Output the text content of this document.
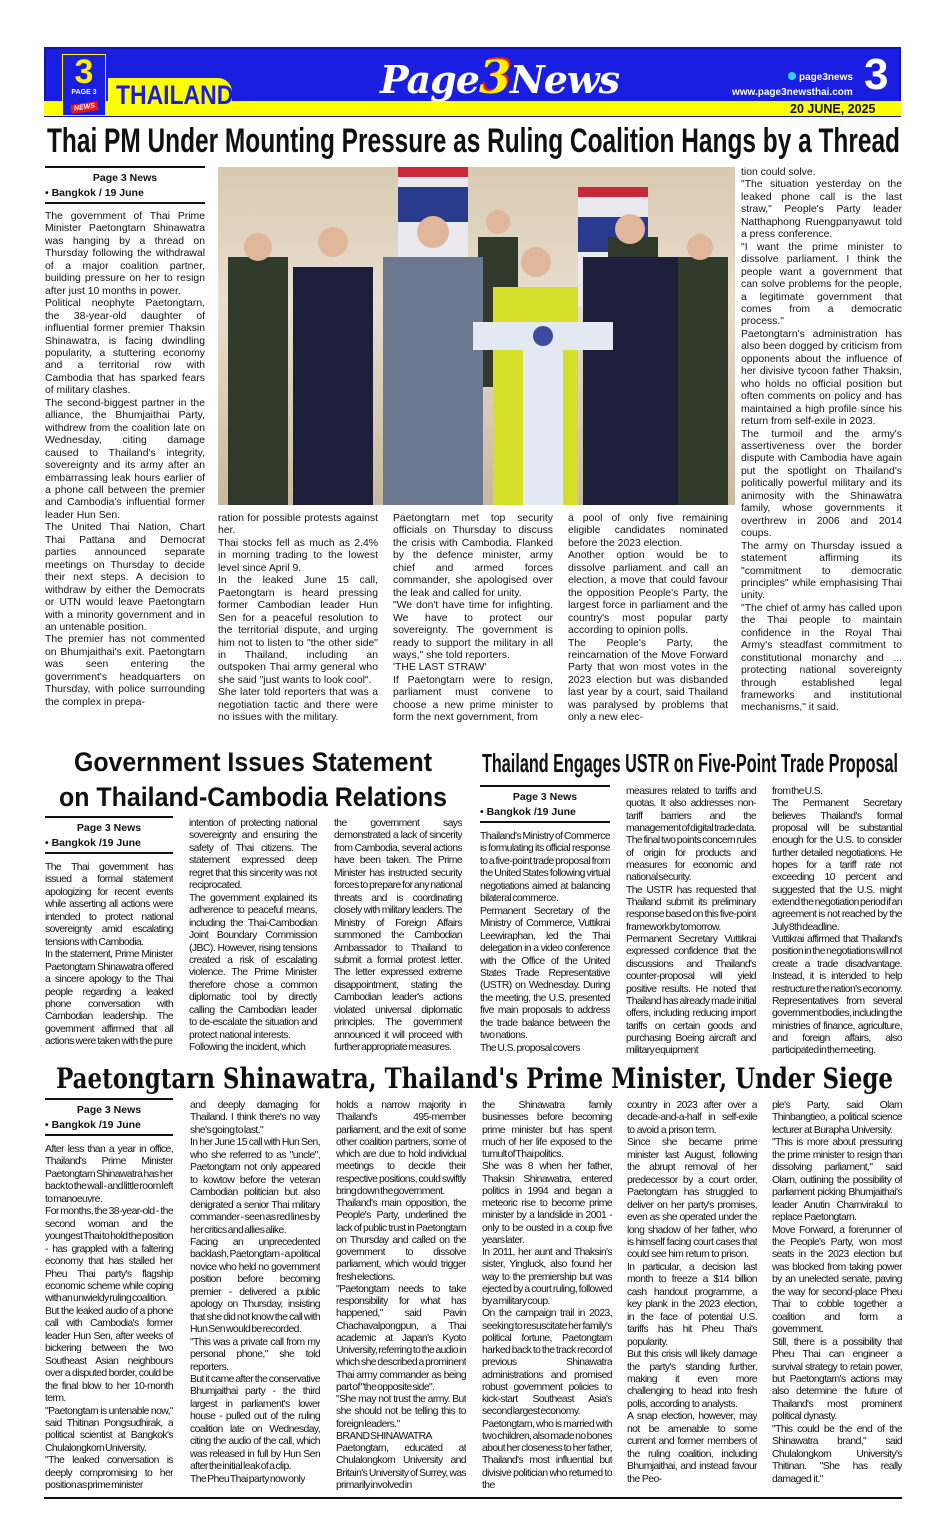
THAILAND
3
PAGE 3
NEWS
Page3News	page3news
www.page3newsthai.com 3
20 JUNE, 2025
Thai PM Under Mounting Pressure as Ruling Coalition Hangs by a Thread
Page 3 News
• Bangkok / 19 June
The government of Thai Prime Minister Paetongtarn Shinawatra was hanging by a thread on Thursday following the withdrawal of a major coalition partner, building pressure on her to resign after just 10 months in power.
Political neophyte Paetongtarn, the 38-year-old daughter of influential former premier Thaksin Shinawatra, is facing dwindling popularity, a stuttering economy and a territorial row with Cambodia that has sparked fears of military clashes.
The second-biggest partner in the alliance, the Bhumjaithai Party, withdrew from the coalition late on Wednesday, citing damage caused to Thailand's integrity, sovereignty and its army after an embarrassing leak hours earlier of a phone call between the premier and Cambodia's influential former leader Hun Sen.
The United Thai Nation, Chart Thai Pattana and Democrat parties announced separate meetings on Thursday to decide their next steps. A decision to withdraw by either the Democrats or UTN would leave Paetongtarn with a minority government and in an untenable position.
The premier has not commented on Bhumjaithai's exit. Paetongtarn was seen entering the government's headquarters on Thursday, with police surrounding the complex in prepa-
ration for possible protests against her.
Thai stocks fell as much as 2.4% in morning trading to the lowest level since April 9.
In the leaked June 15 call, Paetongtarn is heard pressing former Cambodian leader Hun Sen for a peaceful resolution to the territorial dispute, and urging him not to listen to "the other side" in Thailand, including an outspoken Thai army general who she said "just wants to look cool".
She later told reporters that was a negotiation tactic and there were no issues with the military.
Paetongtarn met top security officials on Thursday to discuss the crisis with Cambodia. Flanked by the defence minister, army chief and armed forces commander, she apologised over the leak and called for unity.
"We don't have time for infighting. We have to protect our sovereignty. The government is ready to support the military in all ways," she told reporters.
'THE LAST STRAW'
If Paetongtarn were to resign, parliament must convene to choose a new prime minister to form the next government, from
a pool of only five remaining eligible candidates nominated before the 2023 election.
Another option would be to dissolve parliament and call an election, a move that could favour the opposition People's Party, the largest force in parliament and the country's most popular party according to opinion polls.
The People's Party, the reincarnation of the Move Forward Party that won most votes in the 2023 election but was disbanded last year by a court, said Thailand was paralysed by problems that only a new elec-
tion could solve.
"The situation yesterday on the leaked phone call is the last straw," People's Party leader Natthaphong Ruengpanyawut told a press conference.
"I want the prime minister to dissolve parliament. I think the people want a government that can solve problems for the people, a legitimate government that comes from a democratic process."
Paetongtarn's administration has also been dogged by criticism from opponents about the influence of her divisive tycoon father Thaksin, who holds no official position but often comments on policy and has maintained a high profile since his return from self-exile in 2023.
The turmoil and the army's assertiveness over the border dispute with Cambodia have again put the spotlight on Thailand's politically powerful military and its animosity with the Shinawatra family, whose governments it overthrew in 2006 and 2014 coups.
The army on Thursday issued a statement affirming its "commitment to democratic principles" while emphasising Thai unity.
"The chief of army has called upon the Thai people to maintain confidence in the Royal Thai Army's steadfast commitment to constitutional monarchy and ... protecting national sovereignty through established legal frameworks and institutional mechanisms," it said.
Government Issues Statement
on Thailand-Cambodia Relations
Page 3 News
• Bangkok /19 June
The Thai government has issued a formal statement apologizing for recent events while asserting all actions were intended to protect national sovereignty amid escalating tensions with Cambodia.
In the statement, Prime Minister Paetongtarn Shinawatra offered a sincere apology to the Thai people regarding a leaked phone conversation with Cambodian leadership. The government affirmed that all actions were taken with the pure
intention of protecting national sovereignty and ensuring the safety of Thai citizens. The statement expressed deep regret that this sincerity was not reciprocated.
The government explained its adherence to peaceful means, including the Thai-Cambodian Joint Boundary Commission (JBC). However, rising tensions created a risk of escalating violence. The Prime Minister therefore chose a common diplomatic tool by directly calling the Cambodian leader to de-escalate the situation and protect national interests.
Following the incident, which
the government says demonstrated a lack of sincerity from Cambodia, several actions have been taken. The Prime Minister has instructed security forces to prepare for any national threats and is coordinating closely with military leaders. The Ministry of Foreign Affairs summoned the Cambodian Ambassador to Thailand to submit a formal protest letter. The letter expressed extreme disappointment, stating the Cambodian leader's actions violated universal diplomatic principles. The government announced it will proceed with further appropriate measures.
Thailand Engages USTR on Five-Point Trade Proposal
Page 3 News
• Bangkok /19 June
Thailand's Ministry of Commerce is formulating its official response to a five-point trade proposal from the United States following virtual negotiations aimed at balancing bilateral commerce.
Permanent Secretary of the Ministry of Commerce, Vuttikrai Leewiraphan, led the Thai delegation in a video conference with the Office of the United States Trade Representative (USTR) on Wednesday. During the meeting, the U.S. presented five main proposals to address the trade balance between the two nations.
The U.S. proposal covers
measures related to tariffs and quotas. It also addresses non-tariff barriers and the management of digital trade data. The final two points concern rules of origin for products and measures for economic and national security.
The USTR has requested that Thailand submit its preliminary response based on this five-point framework by tomorrow.
Permanent Secretary Vuttikrai expressed confidence that the discussions and Thailand's counter-proposal will yield positive results. He noted that Thailand has already made initial offers, including reducing import tariffs on certain goods and purchasing Boeing aircraft and military equipment
from the U.S.
The Permanent Secretary believes Thailand's formal proposal will be substantial enough for the U.S. to consider further detailed negotiations. He hopes for a tariff rate not exceeding 10 percent and suggested that the U.S. might extend the negotiation period if an agreement is not reached by the July 8th deadline.
Vuttikrai affirmed that Thailand's position in the negotiations will not create a trade disadvantage. Instead, it is intended to help restructure the nation's economy. Representatives from several government bodies, including the ministries of finance, agriculture, and foreign affairs, also participated in the meeting.
Paetongtarn Shinawatra, Thailand's Prime Minister, Under Siege
Page 3 News
• Bangkok /19 June
After less than a year in office, Thailand's Prime Minister Paetongtarn Shinawatra has her back to the wall - and little room left to manoeuvre.
For months, the 38-year-old - the second woman and the youngest Thai to hold the position - has grappled with a faltering economy that has stalled her Pheu Thai party's flagship economic scheme while coping with an unwieldy ruling coalition.
But the leaked audio of a phone call with Cambodia's former leader Hun Sen, after weeks of bickering between the two Southeast Asian neighbours over a disputed border, could be the final blow to her 10-month term.
"Paetongtarn is untenable now," said Thitinan Pongsudhirak, a political scientist at Bangkok's Chulalongkorn University.
"The leaked conversation is deeply compromising to her position as prime minister
and deeply damaging for Thailand. I think there's no way she's going to last."
In her June 15 call with Hun Sen, who she referred to as "uncle", Paetongtarn not only appeared to kowtow before the veteran Cambodian politician but also denigrated a senior Thai military commander - seen as red lines by her critics and allies alike.
Facing an unprecedented backlash, Paetongtarn - a political novice who held no government position before becoming premier - delivered a public apology on Thursday, insisting that she did not know the call with Hun Sen would be recorded.
"This was a private call from my personal phone," she told reporters.
But it came after the conservative Bhumjaithai party - the third largest in parliament's lower house - pulled out of the ruling coalition late on Wednesday, citing the audio of the call, which was released in full by Hun Sen after the initial leak of a clip.
The Pheu Thai party now only
holds a narrow majority in Thailand's 495-member parliament, and the exit of some other coalition partners, some of which are due to hold individual meetings to decide their respective positions, could swiftly bring down the government.
Thailand's main opposition, the People's Party, underlined the lack of public trust in Paetongtarn on Thursday and called on the government to dissolve parliament, which would trigger fresh elections.
"Paetongtarn needs to take responsibility for what has happened," said Pavin Chachavalpongpun, a Thai academic at Japan's Kyoto University, referring to the audio in which she described a prominent Thai army commander as being part of "the opposite side".
"She may not trust the army. But she should not be telling this to foreign leaders."
BRAND SHINAWATRA
Paetongtarn, educated at Chulalongkorn University and Britain's University of Surrey, was primarily involved in
the Shinawatra family businesses before becoming prime minister but has spent much of her life exposed to the tumult of Thai politics.
She was 8 when her father, Thaksin Shinawatra, entered politics in 1994 and began a meteoric rise to become prime minister by a landslide in 2001 - only to be ousted in a coup five years later.
In 2011, her aunt and Thaksin's sister, Yingluck, also found her way to the premiership but was ejected by a court ruling, followed by a military coup.
On the campaign trail in 2023, seeking to resuscitate her family's political fortune, Paetongtarn harked back to the track record of previous Shinawatra administrations and promised robust government policies to kick-start Southeast Asia's second largest economy.
Paetongtarn, who is married with two children, also made no bones about her closeness to her father, Thailand's most influential but divisive politician who returned to the
country in 2023 after over a decade-and-a-half in self-exile to avoid a prison term.
Since she became prime minister last August, following the abrupt removal of her predecessor by a court order, Paetongtarn has struggled to deliver on her party's promises, even as she operated under the long shadow of her father, who is himself facing court cases that could see him return to prison.
In particular, a decision last month to freeze a $14 billion cash handout programme, a key plank in the 2023 election, in the face of potential U.S. tariffs has hit Pheu Thai's popularity.
But this crisis will likely damage the party's standing further, making it even more challenging to head into fresh polls, according to analysts.
A snap election, however, may not be amenable to some current and former members of the ruling coalition, including Bhumjaithai, and instead favour the Peo-
ple's Party, said Olarn Thinbangtieo, a political science lecturer at Burapha University.
"This is more about pressuring the prime minister to resign than dissolving parliament," said Olarn, outlining the possibility of parliament picking Bhumjaithai's leader Anutin Charnvirakul to replace Paetongtarn.
Move Forward, a forerunner of the People's Party, won most seats in the 2023 election but was blocked from taking power by an unelected senate, paving the way for second-place Pheu Thai to cobble together a coalition and form a government.
Still, there is a possibility that Pheu Thai can engineer a survival strategy to retain power, but Paetongtarn's actions may also determine the future of Thailand's most prominent political dynasty.
"This could be the end of the Shinawatra brand," said Chulalongkorn University's Thitinan. "She has really damaged it."
